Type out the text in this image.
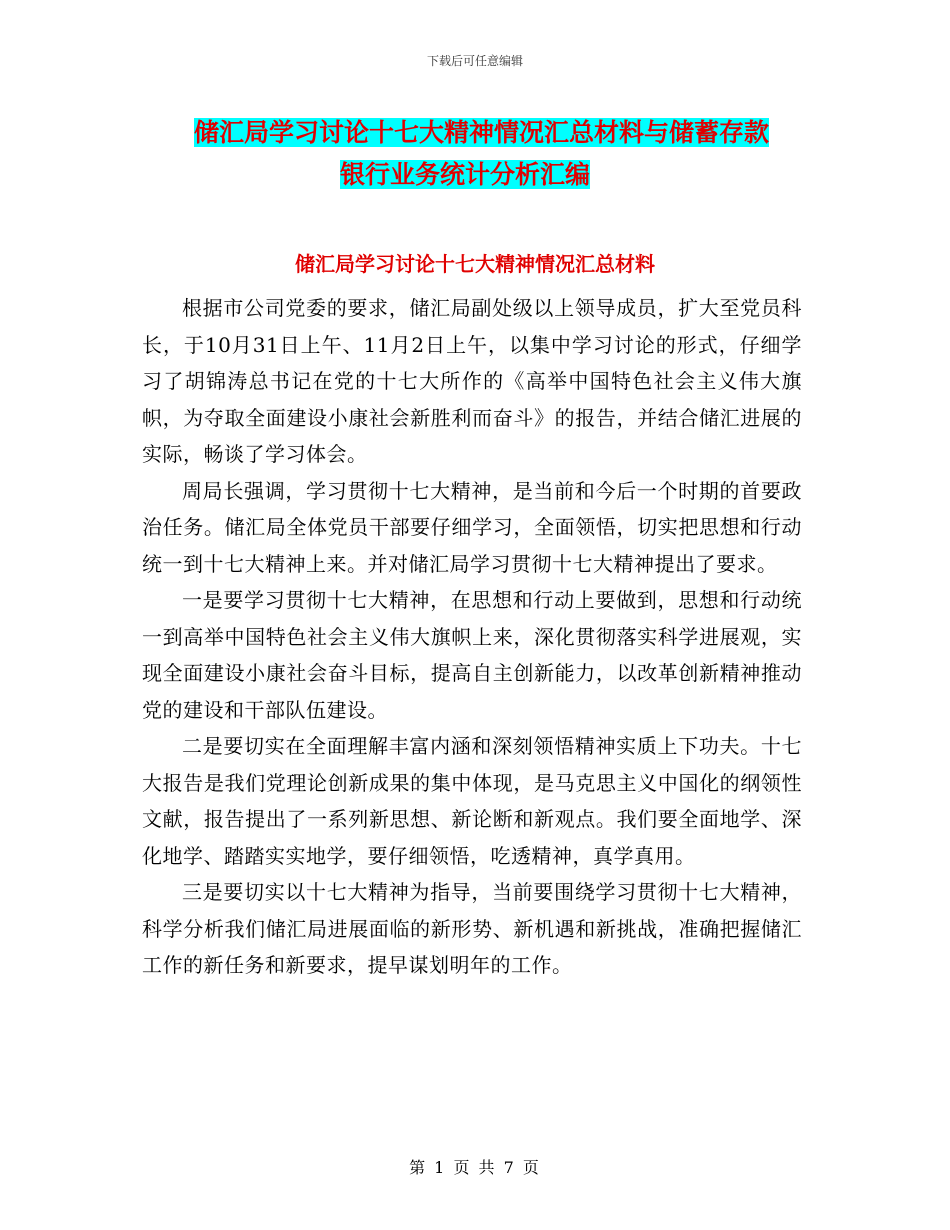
下载后可任意编辑
储汇局学习讨论十七大精神情况汇总材料与储蓄存款
银行业务统计分析汇编
储汇局学习讨论十七大精神情况汇总材料

根据市公司党委的要求，储汇局副处级以上领导成员，扩大至党员科长，于10月31日上午、11月2日上午，以集中学习讨论的形式，仔细学习了胡锦涛总书记在党的十七大所作的《高举中国特色社会主义伟大旗帜，为夺取全面建设小康社会新胜利而奋斗》的报告，并结合储汇进展的实际，畅谈了学习体会。

周局长强调，学习贯彻十七大精神，是当前和今后一个时期的首要政治任务。储汇局全体党员干部要仔细学习，全面领悟，切实把思想和行动统一到十七大精神上来。并对储汇局学习贯彻十七大精神提出了要求。

一是要学习贯彻十七大精神，在思想和行动上要做到，思想和行动统一到高举中国特色社会主义伟大旗帜上来，深化贯彻落实科学进展观，实现全面建设小康社会奋斗目标，提高自主创新能力，以改革创新精神推动党的建设和干部队伍建设。

二是要切实在全面理解丰富内涵和深刻领悟精神实质上下功夫。十七大报告是我们党理论创新成果的集中体现，是马克思主义中国化的纲领性文献，报告提出了一系列新思想、新论断和新观点。我们要全面地学、深化地学、踏踏实实地学，要仔细领悟，吃透精神，真学真用。

三是要切实以十七大精神为指导，当前要围绕学习贯彻十七大精神，科学分析我们储汇局进展面临的新形势、新机遇和新挑战，准确把握储汇工作的新任务和新要求，提早谋划明年的工作。

第 1 页 共 7 页
